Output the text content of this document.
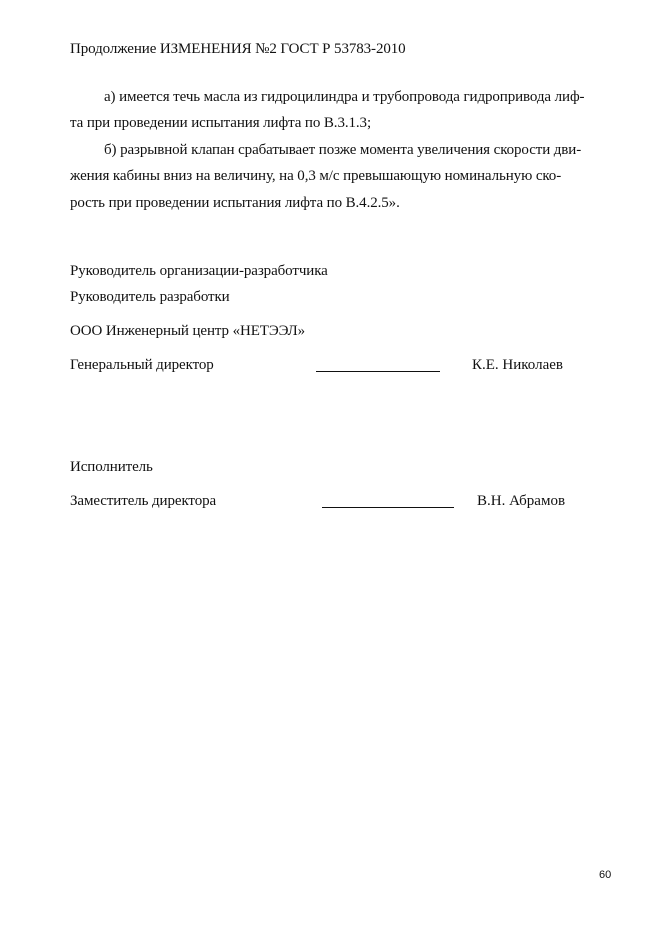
Продолжение ИЗМЕНЕНИЯ №2 ГОСТ Р 53783-2010
а) имеется течь масла из гидроцилиндра и трубопровода гидропривода лиф-
та при проведении испытания лифта по В.3.1.3;
б) разрывной клапан срабатывает позже момента увеличения скорости дви-
жения кабины вниз на величину, на 0,3 м/с превышающую номинальную ско-
рость при проведении испытания лифта по В.4.2.5».
Руководитель организации-разработчика
Руководитель разработки
ООО Инженерный центр «НЕТЭЭЛ»
Генеральный директор	К.Е. Николаев
Исполнитель
Заместитель директора	В.Н. Абрамов
60
